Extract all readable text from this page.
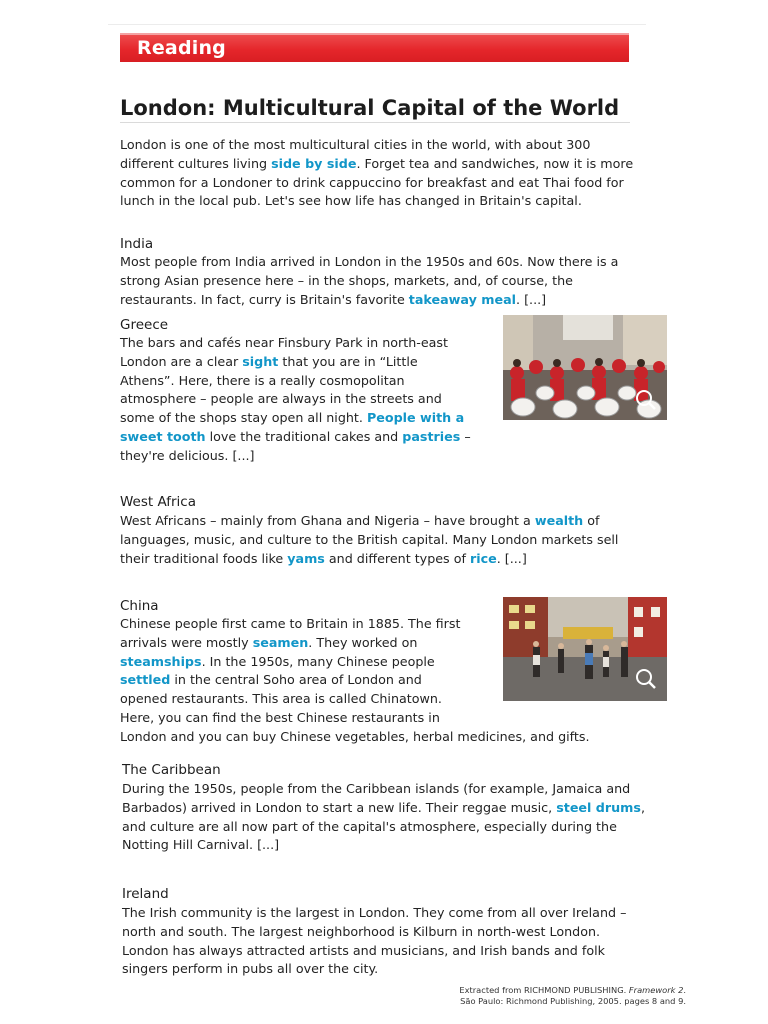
Reading
London: Multicultural Capital of the World
London is one of the most multicultural cities in the world, with about 300
different cultures living side by side. Forget tea and sandwiches, now it is more
common for a Londoner to drink cappuccino for breakfast and eat Thai food for
lunch in the local pub. Let's see how life has changed in Britain's capital.
India
Most people from India arrived in London in the 1950s and 60s. Now there is a
strong Asian presence here – in the shops, markets, and, of course, the
restaurants. In fact, curry is Britain's favorite takeaway meal. [...]
Greece
The bars and cafés near Finsbury Park in north-east
London are a clear sight that you are in “Little
Athens”. Here, there is a really cosmopolitan
atmosphere – people are always in the streets and
some of the shops stay open all night. People with a
sweet tooth love the traditional cakes and pastries –
they're delicious. [...]
West Africa
West Africans – mainly from Ghana and Nigeria – have brought a wealth of
languages, music, and culture to the British capital. Many London markets sell
their traditional foods like yams and different types of rice. [...]
China
Chinese people first came to Britain in 1885. The first
arrivals were mostly seamen. They worked on
steamships. In the 1950s, many Chinese people
settled in the central Soho area of London and
opened restaurants. This area is called Chinatown.
Here, you can find the best Chinese restaurants in
London and you can buy Chinese vegetables, herbal medicines, and gifts.
The Caribbean
During the 1950s, people from the Caribbean islands (for example, Jamaica and
Barbados) arrived in London to start a new life. Their reggae music, steel drums,
and culture are all now part of the capital's atmosphere, especially during the
Notting Hill Carnival. [...]
Ireland
The Irish community is the largest in London. They come from all over Ireland –
north and south. The largest neighborhood is Kilburn in north-west London.
London has always attracted artists and musicians, and Irish bands and folk
singers perform in pubs all over the city.
Extracted from RICHMOND PUBLISHING. Framework 2.
São Paulo: Richmond Publishing, 2005. pages 8 and 9.
